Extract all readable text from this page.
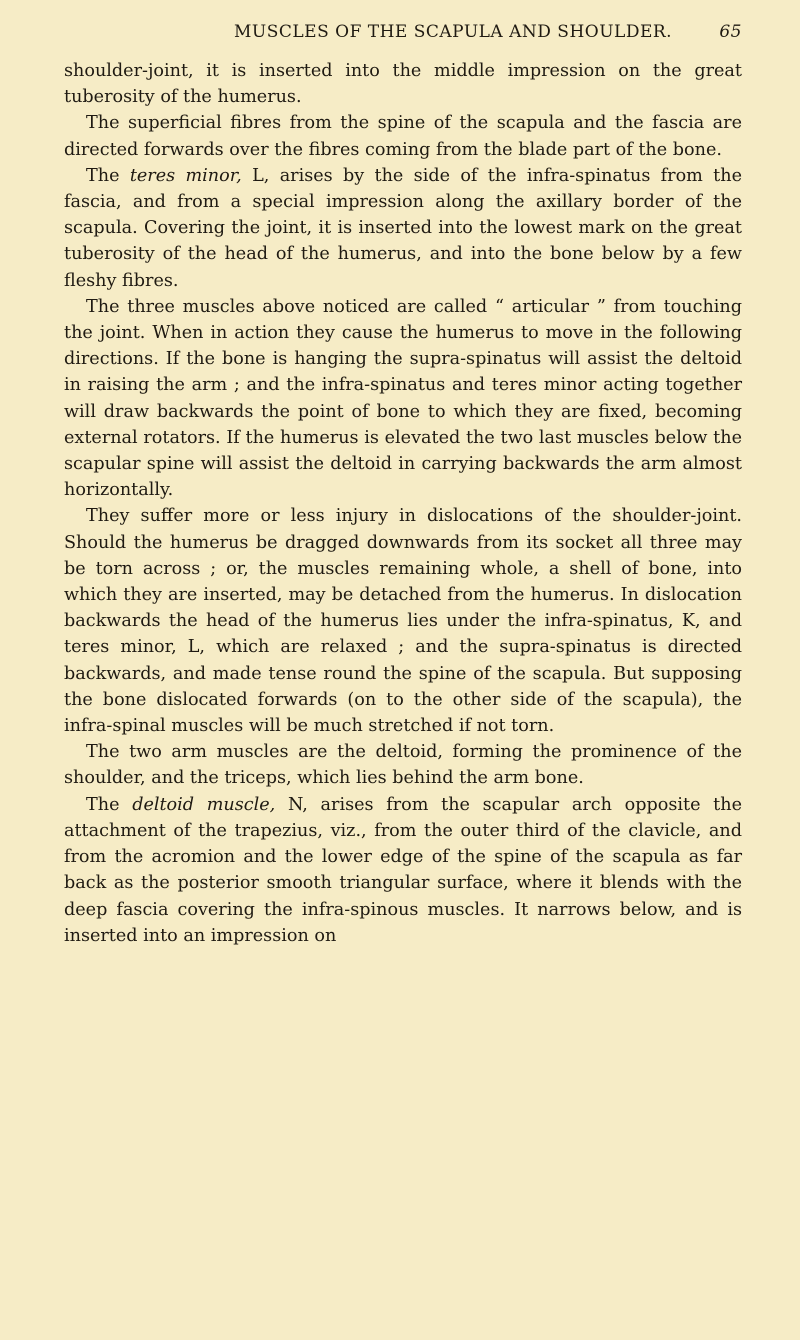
MUSCLES OF THE SCAPULA AND SHOULDER.	65

shoulder-joint, it is inserted into the middle impression on the great tuberosity of the humerus.

The superficial fibres from the spine of the scapula and the fascia are directed forwards over the fibres coming from the blade part of the bone.

The teres minor, L, arises by the side of the infra-spinatus from the fascia, and from a special impression along the axillary border of the scapula. Covering the joint, it is inserted into the lowest mark on the great tuberosity of the head of the humerus, and into the bone below by a few fleshy fibres.

The three muscles above noticed are called “ articular ” from touching the joint. When in action they cause the humerus to move in the following directions. If the bone is hanging the supra-spinatus will assist the deltoid in raising the arm ; and the infra-spinatus and teres minor acting together will draw backwards the point of bone to which they are fixed, becoming external rotators. If the humerus is elevated the two last muscles below the scapular spine will assist the deltoid in carrying backwards the arm almost horizontally.

They suffer more or less injury in dislocations of the shoulder-joint. Should the humerus be dragged downwards from its socket all three may be torn across ; or, the muscles remaining whole, a shell of bone, into which they are inserted, may be detached from the humerus. In dislocation backwards the head of the humerus lies under the infra-spinatus, K, and teres minor, L, which are relaxed ; and the supra-spinatus is directed backwards, and made tense round the spine of the scapula. But supposing the bone dislocated forwards (on to the other side of the scapula), the infra-spinal muscles will be much stretched if not torn.

The two arm muscles are the deltoid, forming the prominence of the shoulder, and the triceps, which lies behind the arm bone.

The deltoid muscle, N, arises from the scapular arch opposite the attachment of the trapezius, viz., from the outer third of the clavicle, and from the acromion and the lower edge of the spine of the scapula as far back as the posterior smooth triangular surface, where it blends with the deep fascia covering the infra-spinous muscles. It narrows below, and is inserted into an impression on
